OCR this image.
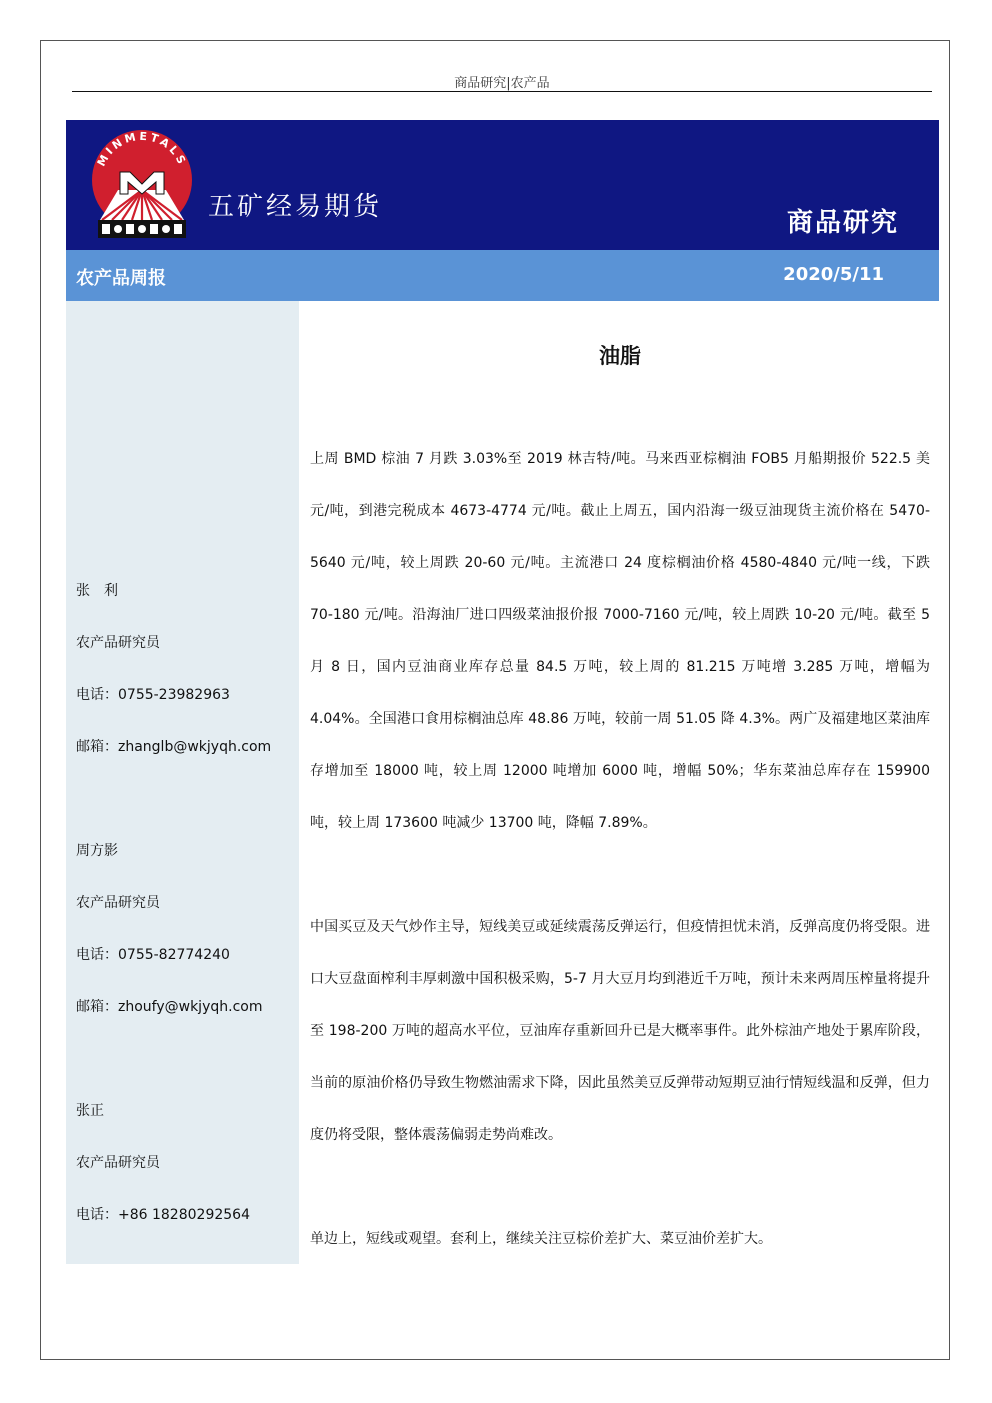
商品研究|农产品
MINMETALS
五矿经易期货
商品研究
农产品周报	2020/5/11
张　利
农产品研究员
电话：0755-23982963
邮箱：zhanglb@wkjyqh.com
周方影
农产品研究员
电话：0755-82774240
邮箱：zhoufy@wkjyqh.com
张正
农产品研究员
电话：+86 18280292564
油脂

上周 BMD 棕油 7 月跌 3.03%至 2019 林吉特/吨。马来西亚棕榈油 FOB5 月船期报价 522.5 美元/吨，到港完税成本 4673-4774 元/吨。截止上周五，国内沿海一级豆油现货主流价格在 5470-5640 元/吨，较上周跌 20-60 元/吨。主流港口 24 度棕榈油价格 4580-4840 元/吨一线，下跌 70-180 元/吨。沿海油厂进口四级菜油报价报 7000-7160 元/吨，较上周跌 10-20 元/吨。截至 5 月 8 日，国内豆油商业库存总量 84.5 万吨，较上周的 81.215 万吨增 3.285 万吨，增幅为 4.04%。全国港口食用棕榈油总库 48.86 万吨，较前一周 51.05 降 4.3%。两广及福建地区菜油库存增加至 18000 吨，较上周 12000 吨增加 6000 吨，增幅 50%；华东菜油总库存在 159900 吨，较上周 173600 吨减少 13700 吨，降幅 7.89%。

中国买豆及天气炒作主导，短线美豆或延续震荡反弹运行，但疫情担忧未消，反弹高度仍将受限。进口大豆盘面榨利丰厚刺激中国积极采购，5-7 月大豆月均到港近千万吨，预计未来两周压榨量将提升至 198-200 万吨的超高水平位，豆油库存重新回升已是大概率事件。此外棕油产地处于累库阶段，当前的原油价格仍导致生物燃油需求下降，因此虽然美豆反弹带动短期豆油行情短线温和反弹，但力度仍将受限，整体震荡偏弱走势尚难改。

单边上，短线或观望。套利上，继续关注豆棕价差扩大、菜豆油价差扩大。
